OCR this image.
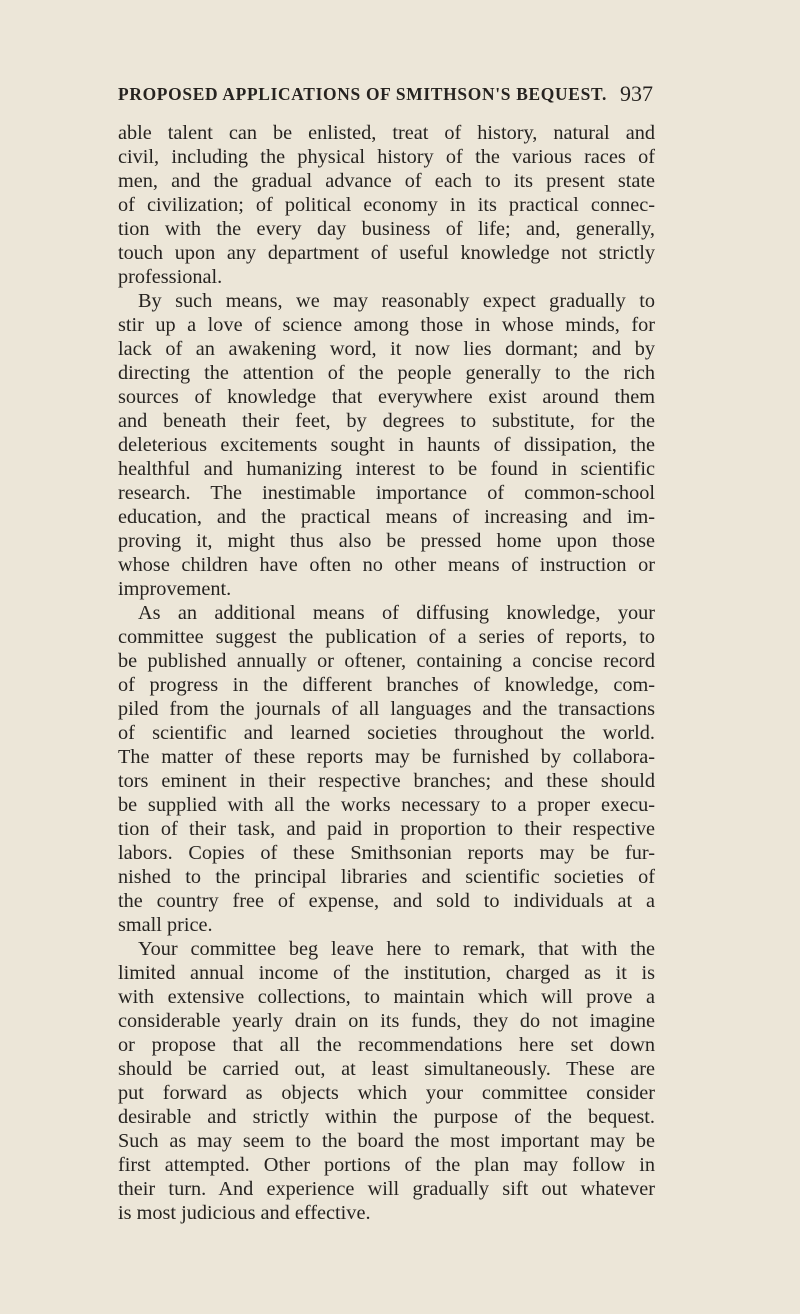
PROPOSED APPLICATIONS OF SMITHSON'S BEQUEST. 937
able talent can be enlisted, treat of history, natural and
civil, including the physical history of the various races of
men, and the gradual advance of each to its present state
of civilization; of political economy in its practical connec-
tion with the every day business of life; and, generally,
touch upon any department of useful knowledge not strictly
professional.
By such means, we may reasonably expect gradually to
stir up a love of science among those in whose minds, for
lack of an awakening word, it now lies dormant; and by
directing the attention of the people generally to the rich
sources of knowledge that everywhere exist around them
and beneath their feet, by degrees to substitute, for the
deleterious excitements sought in haunts of dissipation, the
healthful and humanizing interest to be found in scientific
research. The inestimable importance of common-school
education, and the practical means of increasing and im-
proving it, might thus also be pressed home upon those
whose children have often no other means of instruction or
improvement.
As an additional means of diffusing knowledge, your
committee suggest the publication of a series of reports, to
be published annually or oftener, containing a concise record
of progress in the different branches of knowledge, com-
piled from the journals of all languages and the transactions
of scientific and learned societies throughout the world.
The matter of these reports may be furnished by collabora-
tors eminent in their respective branches; and these should
be supplied with all the works necessary to a proper execu-
tion of their task, and paid in proportion to their respective
labors. Copies of these Smithsonian reports may be fur-
nished to the principal libraries and scientific societies of
the country free of expense, and sold to individuals at a
small price.
Your committee beg leave here to remark, that with the
limited annual income of the institution, charged as it is
with extensive collections, to maintain which will prove a
considerable yearly drain on its funds, they do not imagine
or propose that all the recommendations here set down
should be carried out, at least simultaneously. These are
put forward as objects which your committee consider
desirable and strictly within the purpose of the bequest.
Such as may seem to the board the most important may be
first attempted. Other portions of the plan may follow in
their turn. And experience will gradually sift out whatever
is most judicious and effective.
